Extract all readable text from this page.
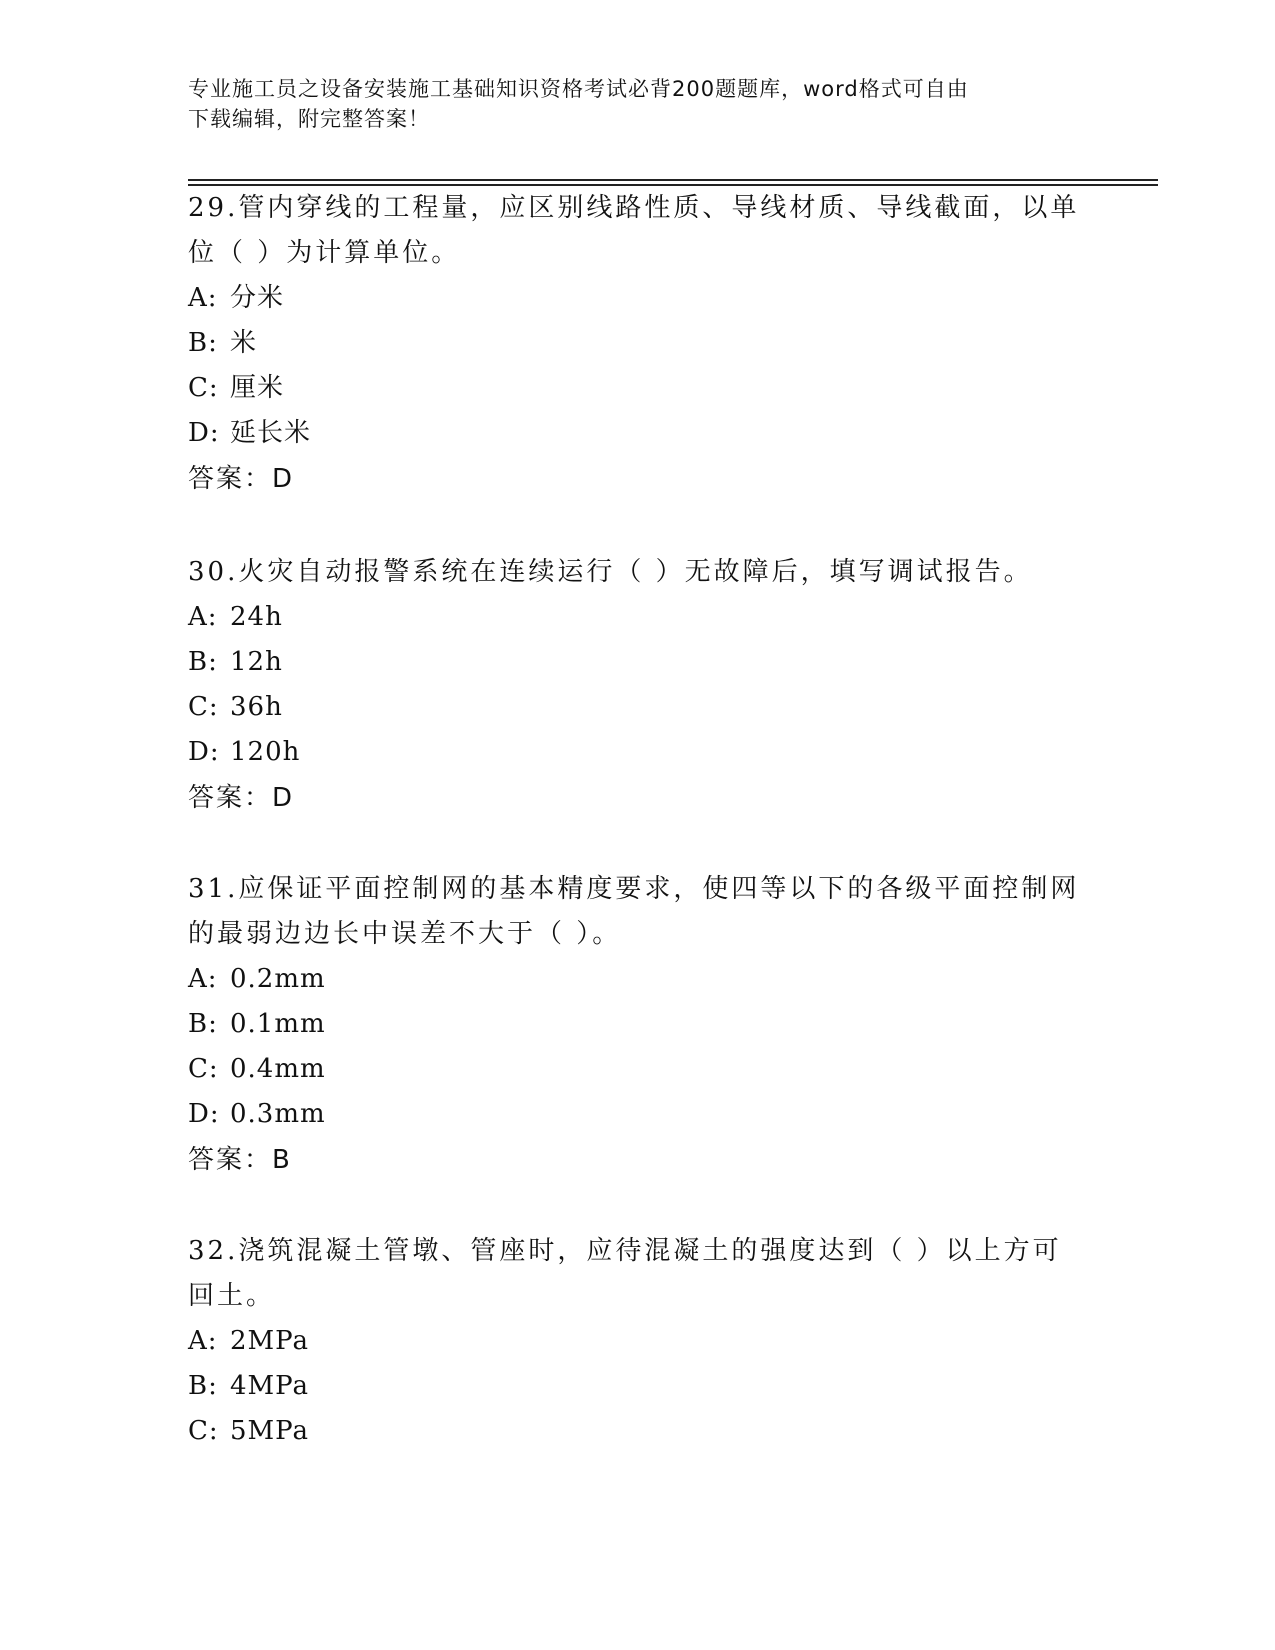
专业施工员之设备安装施工基础知识资格考试必背200题题库，word格式可自由
下载编辑，附完整答案！
29.管内穿线的工程量，应区别线路性质、导线材质、导线截面，以单
位（ ）为计算单位。
A: 分米
B: 米
C: 厘米
D: 延长米
答案：D
30.火灾自动报警系统在连续运行（ ）无故障后，填写调试报告。
A: 24h
B: 12h
C: 36h
D: 120h
答案：D
31.应保证平面控制网的基本精度要求，使四等以下的各级平面控制网
的最弱边边长中误差不大于（ ）。
A: 0.2mm
B: 0.1mm
C: 0.4mm
D: 0.3mm
答案：B
32.浇筑混凝土管墩、管座时，应待混凝土的强度达到（ ）以上方可
回土。
A: 2MPa
B: 4MPa
C: 5MPa
